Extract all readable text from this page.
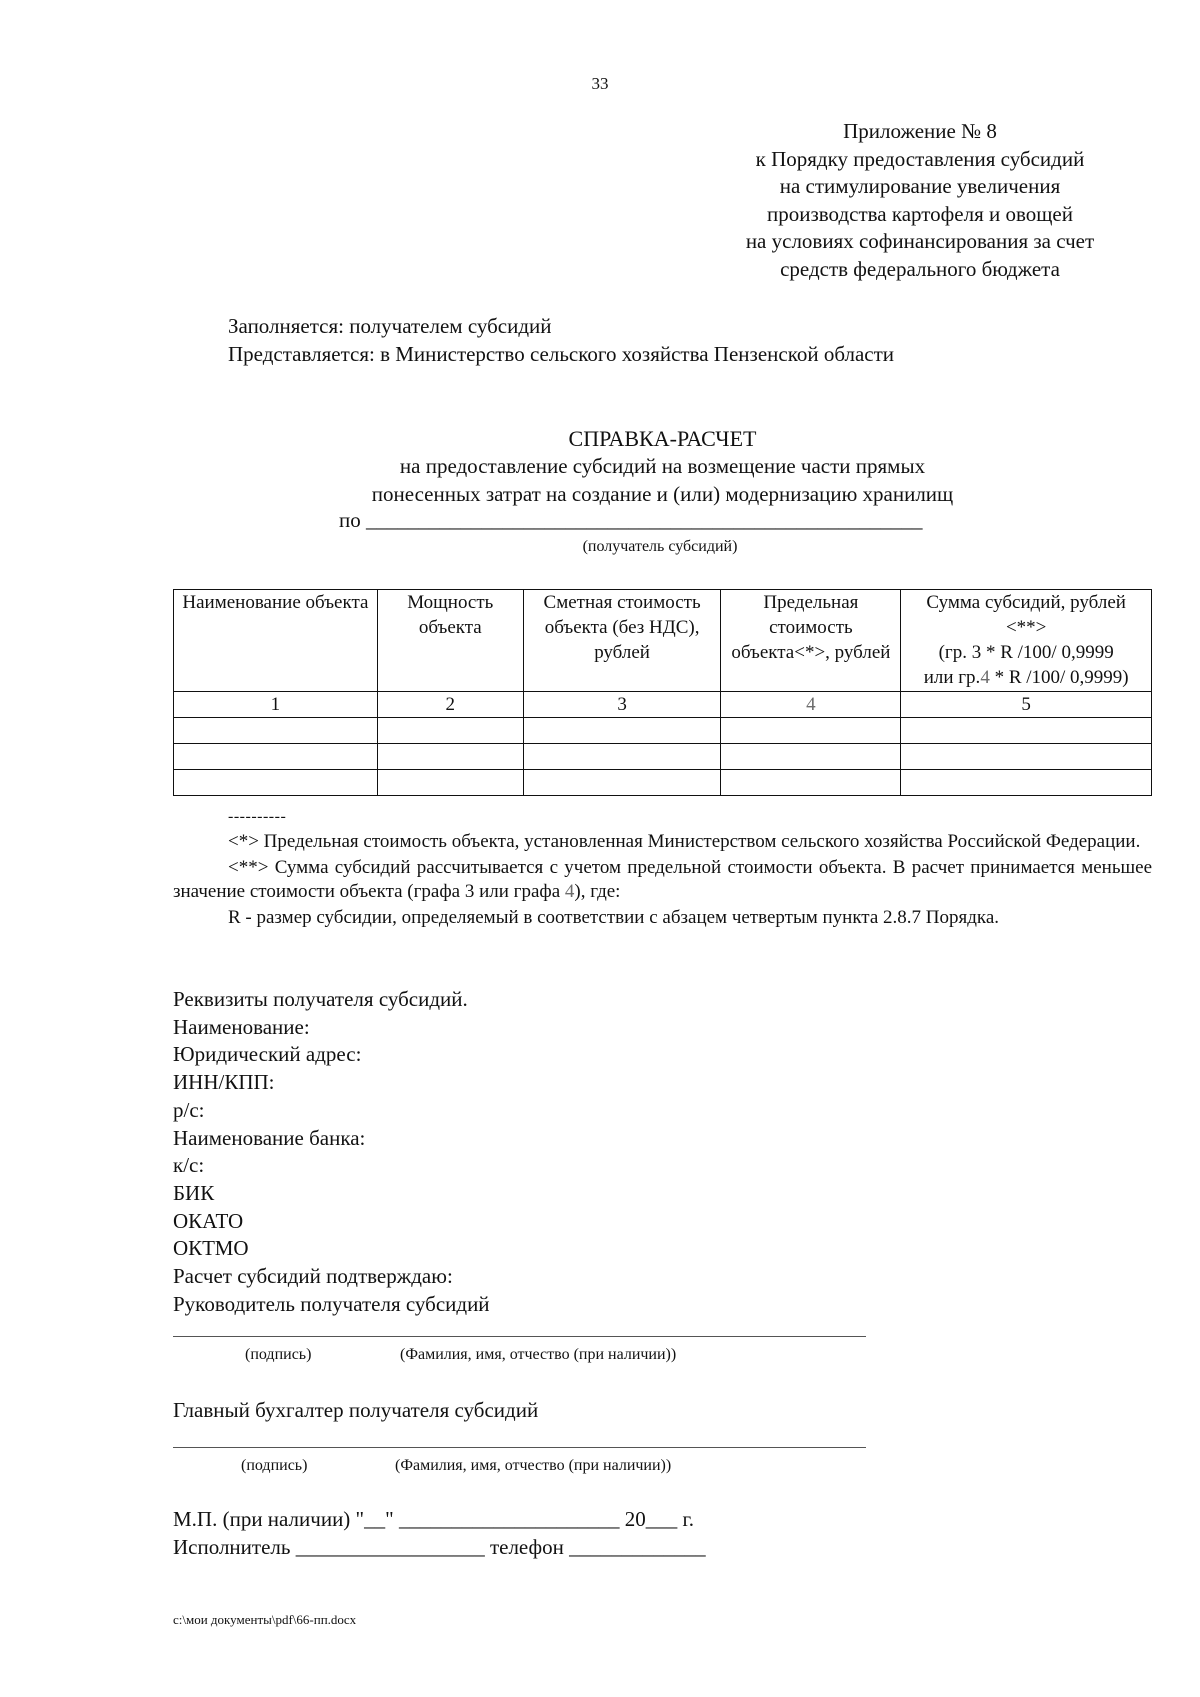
33
Приложение № 8
к Порядку предоставления субсидий
на стимулирование увеличения
производства картофеля и овощей
на условиях софинансирования за счет
средств федерального бюджета
Заполняется: получателем субсидий
Представляется: в Министерство сельского хозяйства Пензенской области
СПРАВКА-РАСЧЕТ
на предоставление субсидий на возмещение части прямых
понесенных затрат на создание и (или) модернизацию хранилищ
по _____________________________________________________
(получатель субсидий)
Наименование объекта	Мощность объекта	Сметная стоимость объекта (без НДС), рублей	Предельная стоимость объекта<*>, рублей	Сумма субсидий, рублей
<**>
(гр. 3 * R /100/ 0,9999
или гр.4 * R /100/ 0,9999)

1	2	3	4	5

----------

<*> Предельная стоимость объекта, установленная Министерством сельского хозяйства Российской Федерации.

<**> Сумма субсидий рассчитывается с учетом предельной стоимости объекта. В расчет принимается меньшее значение стоимости объекта (графа 3 или графа 4), где:

R - размер субсидии, определяемый в соответствии с абзацем четвертым пункта 2.8.7 Порядка.

Реквизиты получателя субсидий.
Наименование:
Юридический адрес:
ИНН/КПП:
р/с:
Наименование банка:
к/с:
БИК
ОКАТО
ОКТМО
Расчет субсидий подтверждаю:
Руководитель получателя субсидий
(подпись)	(Фамилия, имя, отчество (при наличии))
Главный бухгалтер получателя субсидий
(подпись)	(Фамилия, имя, отчество (при наличии))
М.П. (при наличии) "__" _____________________ 20___ г.
Исполнитель __________________ телефон _____________
c:\мои документы\pdf\66-пп.docx
